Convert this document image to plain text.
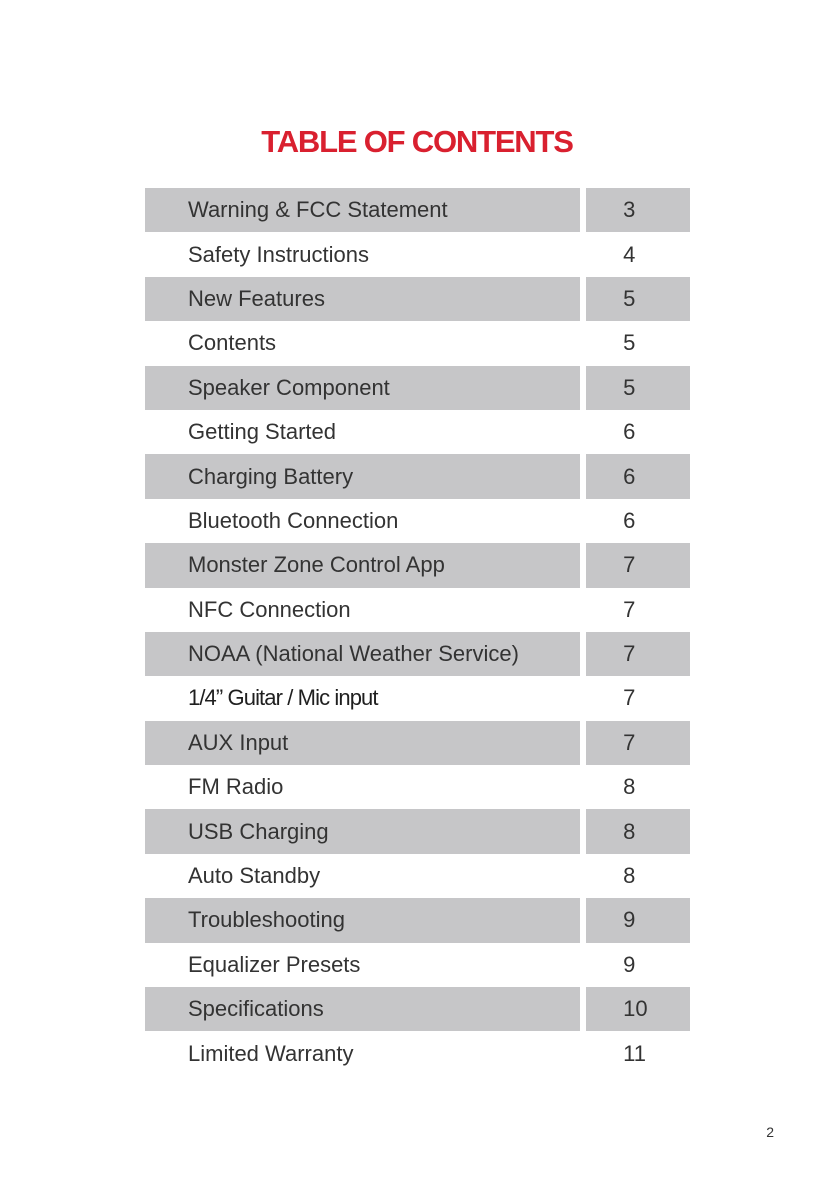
TABLE OF CONTENTS
Warning & FCC Statement	3
Safety Instructions	4
New Features	5
Contents	5
Speaker Component	5
Getting Started	6
Charging Battery	6
Bluetooth Connection	6
Monster Zone Control App	7
NFC Connection	7
NOAA (National Weather Service)	7
1/4” Guitar / Mic input	7
AUX Input	7
FM Radio	8
USB Charging	8
Auto Standby	8
Troubleshooting	9
Equalizer Presets	9
Specifications	10
Limited Warranty	11
2
